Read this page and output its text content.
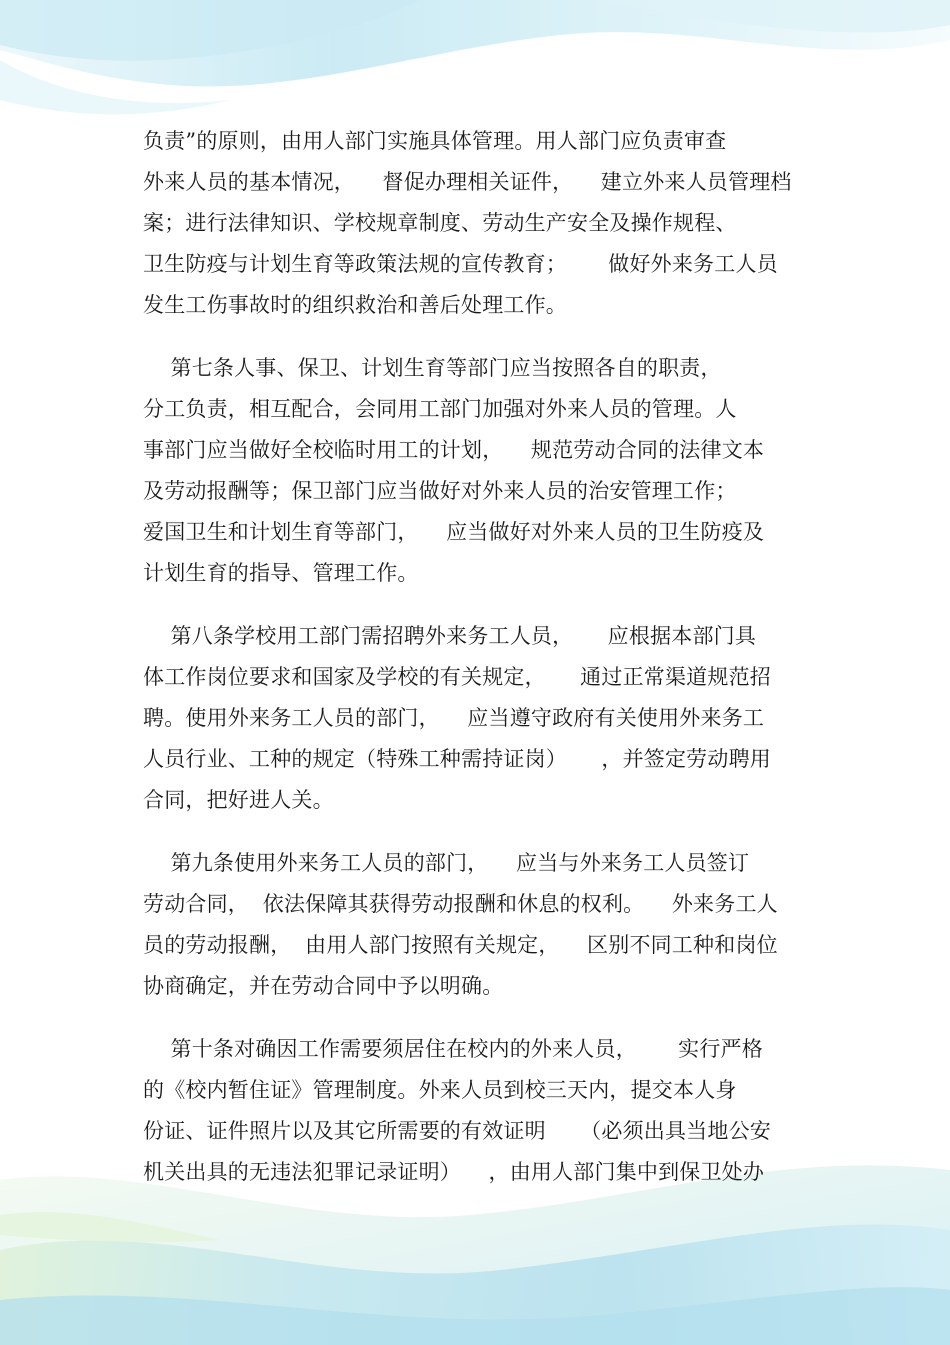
负责”的原则，由用人部门实施具体管理。用人部门应负责审查
外来人员的基本情况，    督促办理相关证件，    建立外来人员管理档
案；进行法律知识、学校规章制度、劳动生产安全及操作规程、
卫生防疫与计划生育等政策法规的宣传教育；      做好外来务工人员
发生工伤事故时的组织救治和善后处理工作。
第七条人事、保卫、计划生育等部门应当按照各自的职责，
分工负责，相互配合，会同用工部门加强对外来人员的管理。人
事部门应当做好全校临时用工的计划，    规范劳动合同的法律文本
及劳动报酬等；保卫部门应当做好对外来人员的治安管理工作；
爱国卫生和计划生育等部门，    应当做好对外来人员的卫生防疫及
计划生育的指导、管理工作。
第八条学校用工部门需招聘外来务工人员，     应根据本部门具
体工作岗位要求和国家及学校的有关规定，     通过正常渠道规范招
聘。使用外来务工人员的部门，    应当遵守政府有关使用外来务工
人员行业、工种的规定（特殊工种需持证岗）     ，并签定劳动聘用
合同，把好进人关。
第九条使用外来务工人员的部门，    应当与外来务工人员签订
劳动合同，  依法保障其获得劳动报酬和休息的权利。    外来务工人
员的劳动报酬，  由用人部门按照有关规定，    区别不同工种和岗位
协商确定，并在劳动合同中予以明确。
第十条对确因工作需要须居住在校内的外来人员，      实行严格
的《校内暂住证》管理制度。外来人员到校三天内，提交本人身
份证、证件照片以及其它所需要的有效证明     （必须出具当地公安
机关出具的无违法犯罪记录证明）    ，由用人部门集中到保卫处办
